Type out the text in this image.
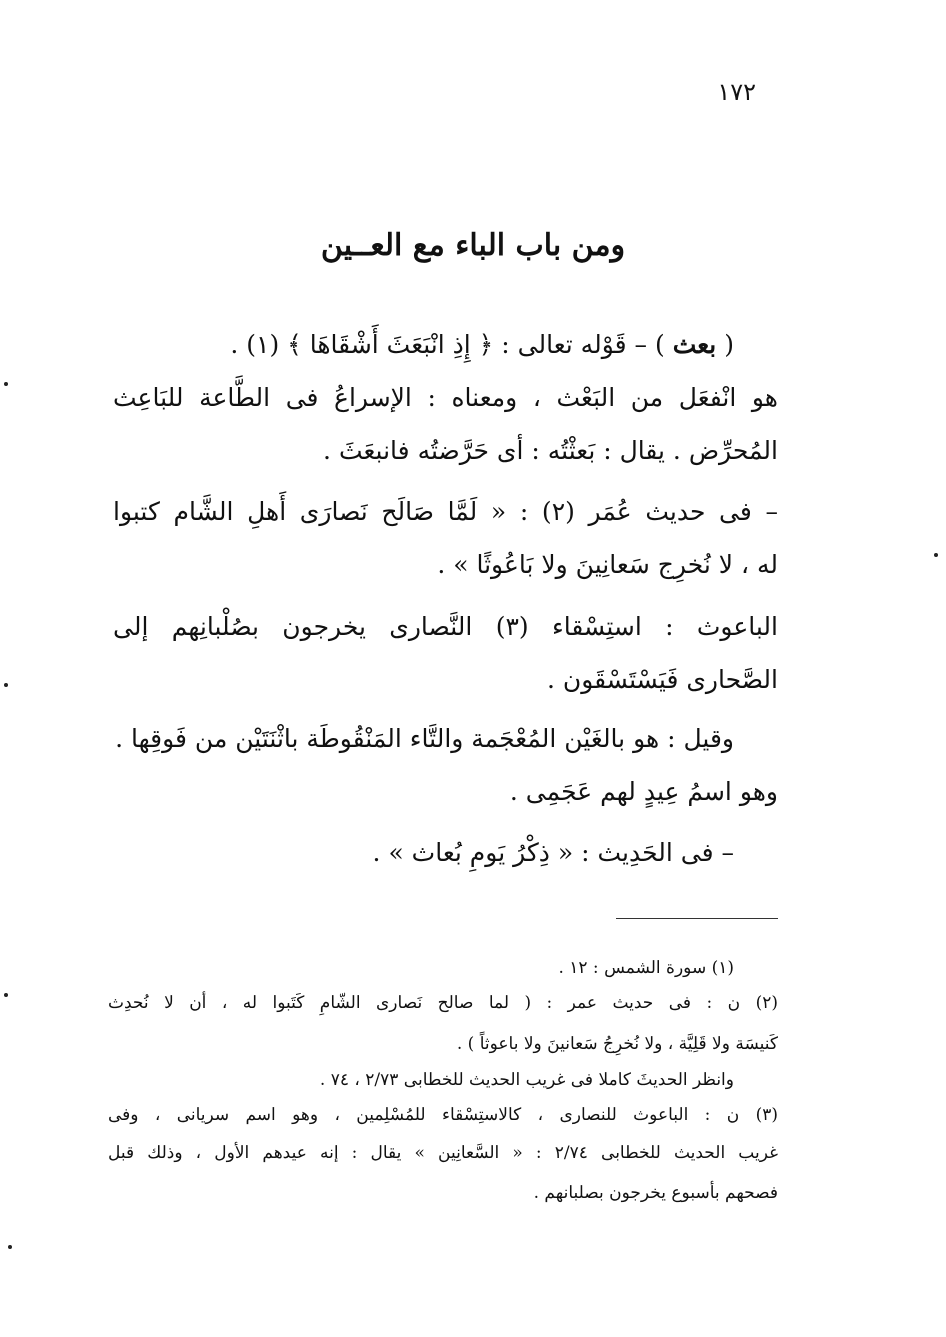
١٧٢
ومن باب الباء مع العــين
( بعث ) – قَوْله تعالى : ﴿ إِذِ انْبَعَثَ أَشْقَاهَا ﴾ (١) .
هو انْفعَل من البَعْث ، ومعناه : الإسراعُ فى الطَّاعة للبَاعِث
المُحرِّض . يقال : بَعثْتُه : أى حَرَّضتُه فانبعَثَ .
– فى حديث عُمَر (٢) : « لَمَّا صَالَح نَصارَى أَهلِ الشَّام كتبوا
له ، لا نُخرِج سَعانِينَ ولا بَاعُوثًا » .
الباعوث : استِسْقاء (٣) النَّصارى يخرجون بصُلْبانِهم إلى
الصَّحارى فَيَسْتَسْقَون .
وقيل : هو بالغَيْن المُعْجَمة والتَّاء المَنْقُوطَة باثْنَتَيْن من فَوقِها .
وهو اسمُ عِيدٍ لهم عَجَمِى .
– فى الحَدِيث : « ذِكْرُ يَومِ بُعاث » .
(١) سورة الشمس : ١٢ .
(٢) ن : فى حديث عمر : ( لما صالح نَصارى الشّامِ كَتَبوا له ، أن لا نُحدِث
كَنيسَة ولا قَلِيَّة ، ولا نُخرِجُ سَعانينَ ولا باعوثاً ) .
وانظر الحديثَ كاملا فى غريب الحديث للخطابى ٢/٧٣ ، ٧٤ .
(٣) ن : الباعوث للنصارى ، كالاستِسْقاء للمُسْلِمين ، وهو اسم سريانى ، وفى
غريب الحديث للخطابى ٢/٧٤ : « السَّعانِين » يقال : إنه عيدهم الأول ، وذلك قبل
فصحهم بأسبوع يخرجون بصلبانهم .
